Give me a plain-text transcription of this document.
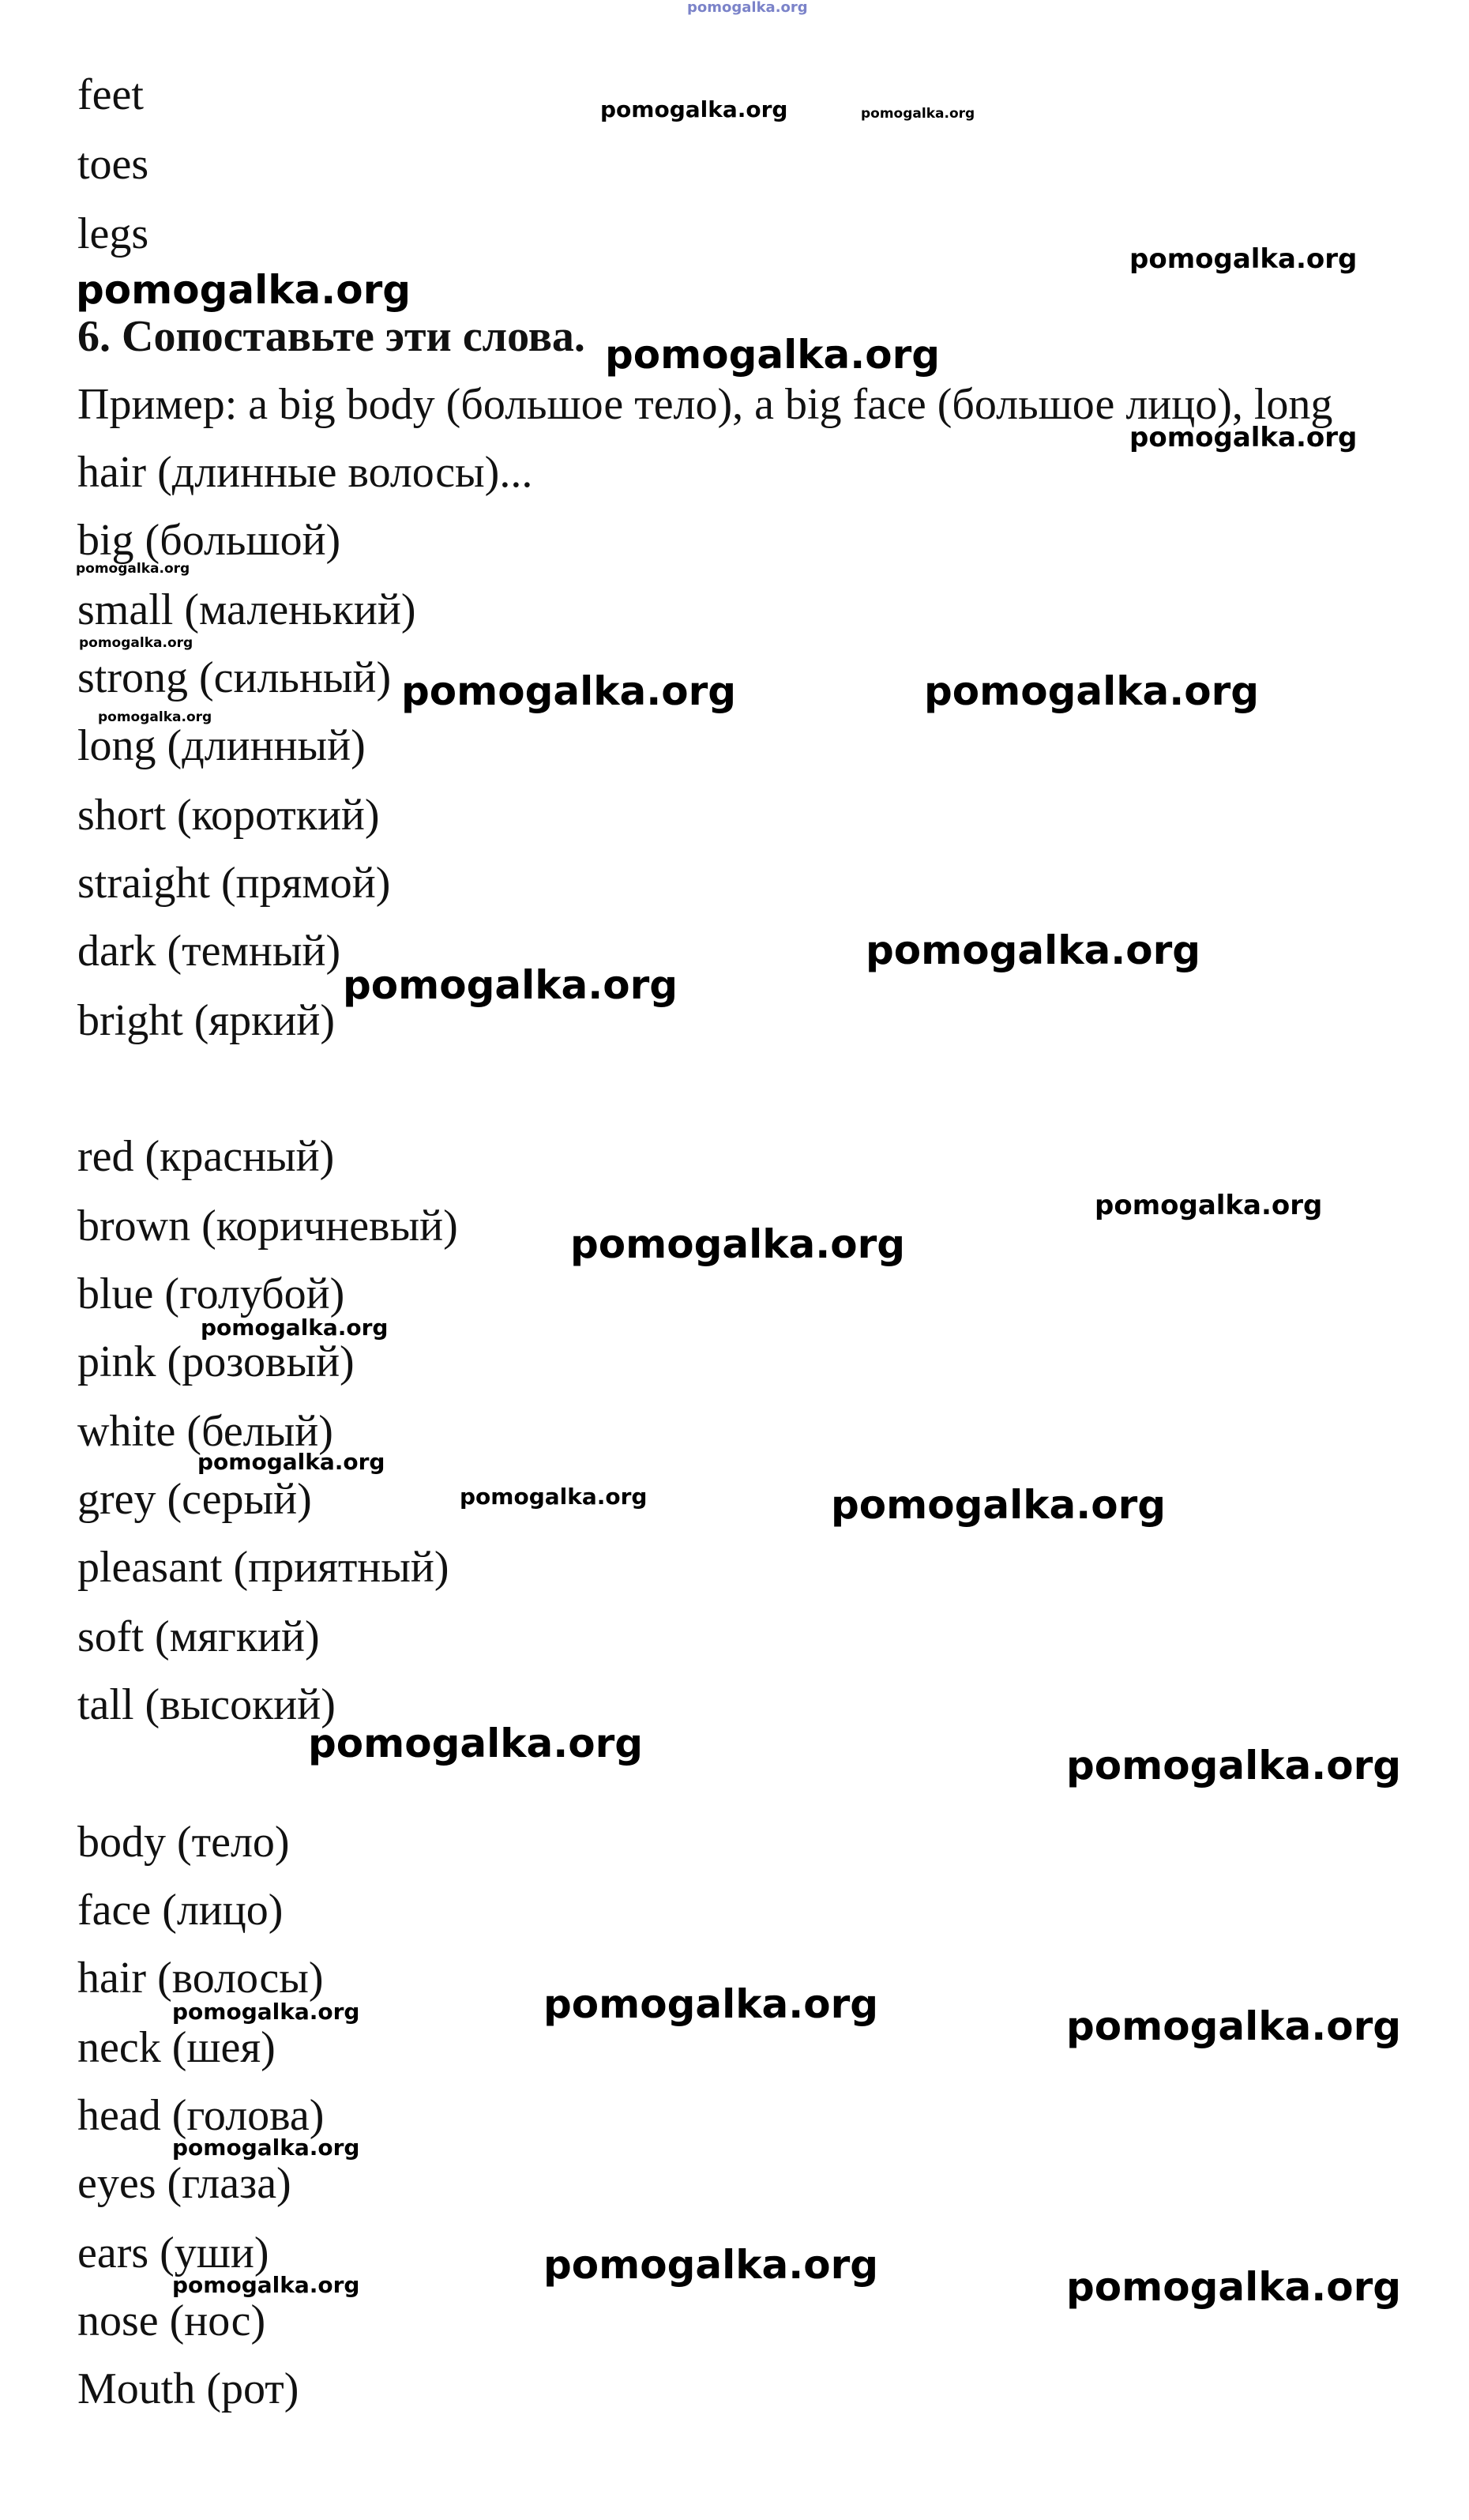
feet

toes

legs

6. Сопоставьте эти слова.

Пример: a big body (большое тело), a big face (большое лицо), long

hair (длинные волосы)...

big (большой)

small (маленький)

strong (сильный)

long (длинный)

short (короткий)

straight (прямой)

dark (темный)

bright (яркий)

red (красный)

brown (коричневый)

blue (голубой)

pink (розовый)

white (белый)

grey (серый)

pleasant (приятный)

soft (мягкий)

tall (высокий)

body (тело)

face (лицо)

hair (волосы)

neck (шея)

head (голова)

eyes (глаза)

ears (уши)

nose (нос)

Mouth (рот)

pomogalka.org
pomogalka.org	pomogalka.org
pomogalka.org
pomogalka.org
pomogalka.org
pomogalka.org
pomogalka.org
pomogalka.org
pomogalka.org	pomogalka.org
pomogalka.org
pomogalka.org
pomogalka.org
pomogalka.org
pomogalka.org
pomogalka.org
pomogalka.org
pomogalka.org	pomogalka.org
pomogalka.org	pomogalka.org
pomogalka.org	pomogalka.org	pomogalka.org
pomogalka.org
pomogalka.org
pomogalka.org	pomogalka.org
